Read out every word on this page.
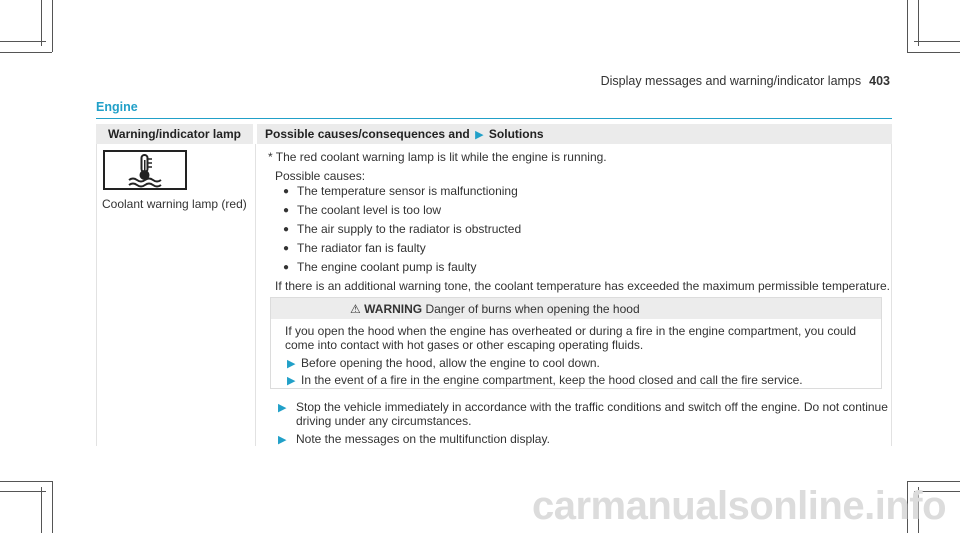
Display messages and warning/indicator lamps 403
Engine
Warning/indicator lamp	Possible causes/consequences and ▶ Solutions
Coolant warning lamp (red)
* The red coolant warning lamp is lit while the engine is running.
Possible causes:
● The temperature sensor is malfunctioning
● The coolant level is too low
● The air supply to the radiator is obstructed
● The radiator fan is faulty
● The engine coolant pump is faulty
If there is an additional warning tone, the coolant temperature has exceeded the maximum permissible temperature.
⚠ WARNING Danger of burns when opening the hood
If you open the hood when the engine has overheated or during a fire in the engine compartment, you could
come into contact with hot gases or other escaping operating fluids.
▶ Before opening the hood, allow the engine to cool down.
▶ In the event of a fire in the engine compartment, keep the hood closed and call the fire service.
▶ Stop the vehicle immediately in accordance with the traffic conditions and switch off the engine. Do not continue
driving under any circumstances.
▶ Note the messages on the multifunction display.
carmanualsonline.info
